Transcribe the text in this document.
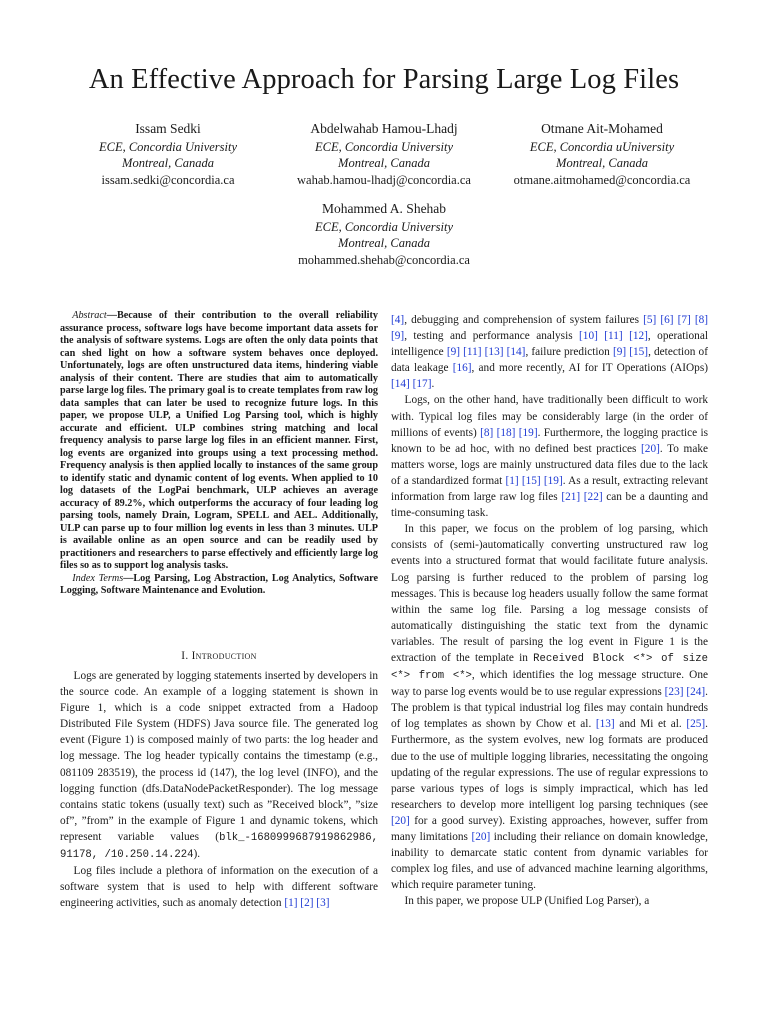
An Effective Approach for Parsing Large Log Files
Issam Sedki
ECE, Concordia University
Montreal, Canada
issam.sedki@concordia.ca
Abdelwahab Hamou-Lhadj
ECE, Concordia University
Montreal, Canada
wahab.hamou-lhadj@concordia.ca
Otmane Ait-Mohamed
ECE, Concordia uUniversity
Montreal, Canada
otmane.aitmohamed@concordia.ca
Mohammed A. Shehab
ECE, Concordia University
Montreal, Canada
mohammed.shehab@concordia.ca

Abstract—Because of their contribution to the overall reliability assurance process, software logs have become important data assets for the analysis of software systems. Logs are often the only data points that can shed light on how a software system behaves once deployed. Unfortunately, logs are often unstructured data items, hindering viable analysis of their content. There are studies that aim to automatically parse large log files. The primary goal is to create templates from raw log data samples that can later be used to recognize future logs. In this paper, we propose ULP, a Unified Log Parsing tool, which is highly accurate and efficient. ULP combines string matching and local frequency analysis to parse large log files in an efficient manner. First, log events are organized into groups using a text processing method. Frequency analysis is then applied locally to instances of the same group to identify static and dynamic content of log events. When applied to 10 log datasets of the LogPai benchmark, ULP achieves an average accuracy of 89.2%, which outperforms the accuracy of four leading log parsing tools, namely Drain, Logram, SPELL and AEL. Additionally, ULP can parse up to four million log events in less than 3 minutes. ULP is available online as an open source and can be readily used by practitioners and researchers to parse effectively and efficiently large log files so as to support log analysis tasks.

Index Terms—Log Parsing, Log Abstraction, Log Analytics, Software Logging, Software Maintenance and Evolution.

I. Introduction

Logs are generated by logging statements inserted by developers in the source code. An example of a logging statement is shown in Figure 1, which is a code snippet extracted from a Hadoop Distributed File System (HDFS) Java source file. The generated log event (Figure 1) is composed mainly of two parts: the log header and log message. The log header typically contains the timestamp (e.g., 081109 283519), the process id (147), the log level (INFO), and the logging function (dfs.DataNodePacketResponder). The log message contains static tokens (usually text) such as ”Received block”, ”size of”, ”from” in the example of Figure 1 and dynamic tokens, which represent variable values (blk_-1680999687919862986, 91178, /10.250.14.224).

Log files include a plethora of information on the execution of a software system that is used to help with different software engineering activities, such as anomaly detection [1] [2] [3]

[4], debugging and comprehension of system failures [5] [6] [7] [8] [9], testing and performance analysis [10] [11] [12], operational intelligence [9] [11] [13] [14], failure prediction [9] [15], detection of data leakage [16], and more recently, AI for IT Operations (AIOps) [14] [17].

Logs, on the other hand, have traditionally been difficult to work with. Typical log files may be considerably large (in the order of millions of events) [8] [18] [19]. Furthermore, the logging practice is known to be ad hoc, with no defined best practices [20]. To make matters worse, logs are mainly unstructured data files due to the lack of a standardized format [1] [15] [19]. As a result, extracting relevant information from large raw log files [21] [22] can be a daunting and time-consuming task.

In this paper, we focus on the problem of log parsing, which consists of (semi-)automatically converting unstructured raw log events into a structured format that would facilitate future analysis. Log parsing is further reduced to the problem of parsing log messages. This is because log headers usually follow the same format within the same log file. Parsing a log message consists of automatically distinguishing the static text from the dynamic variables. The result of parsing the log event in Figure 1 is the extraction of the template in Received Block <*> of size <*> from <*>, which identifies the log message structure. One way to parse log events would be to use regular expressions [23] [24]. The problem is that typical industrial log files may contain hundreds of log templates as shown by Chow et al. [13] and Mi et al. [25]. Furthermore, as the system evolves, new log formats are produced due to the use of multiple logging libraries, necessitating the ongoing updating of the regular expressions. The use of regular expressions to parse various types of logs is simply impractical, which has led researchers to develop more intelligent log parsing techniques (see [20] for a good survey). Existing approaches, however, suffer from many limitations [20] including their reliance on domain knowledge, inability to demarcate static content from dynamic variables for complex log files, and use of advanced machine learning algorithms, which require parameter tuning.

In this paper, we propose ULP (Unified Log Parser), a
